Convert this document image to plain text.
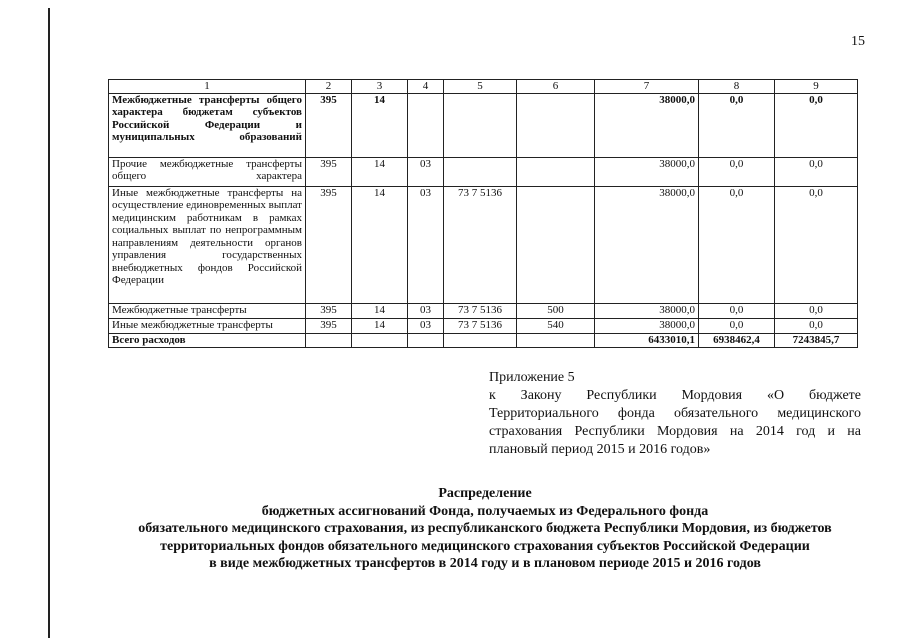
15
1	2	3	4	5	6	7	8	9
Межбюджетные трансферты общего характера бюджетам субъектов Российской Федерации и муниципальных образований	395	14				38000,0	0,0	0,0
Прочие межбюджетные трансферты общего характера	395	14	03			38000,0	0,0	0,0
Иные межбюджетные трансферты на осуществление единовременных выплат медицинским работникам в рамках социальных выплат по непрограммным направлениям деятельности органов управления государственных внебюджетных фондов Российской Федерации	395	14	03	73 7 5136		38000,0	0,0	0,0
Межбюджетные трансферты	395	14	03	73 7 5136	500	38000,0	0,0	0,0
Иные межбюджетные трансферты	395	14	03	73 7 5136	540	38000,0	0,0	0,0
Всего расходов						6433010,1	6938462,4	7243845,7
Приложение 5
к Закону Республики Мордовия «О бюджете Территориального фонда обязательного медицинского страхования Республики Мордовия на 2014 год и на плановый период 2015 и 2016 годов»
Распределение
бюджетных ассигнований Фонда, получаемых из Федерального фонда
обязательного медицинского страхования, из республиканского бюджета Республики Мордовия, из бюджетов
территориальных фондов обязательного медицинского страхования субъектов Российской Федерации
в виде межбюджетных трансфертов в 2014 году и в плановом периоде 2015 и 2016 годов
